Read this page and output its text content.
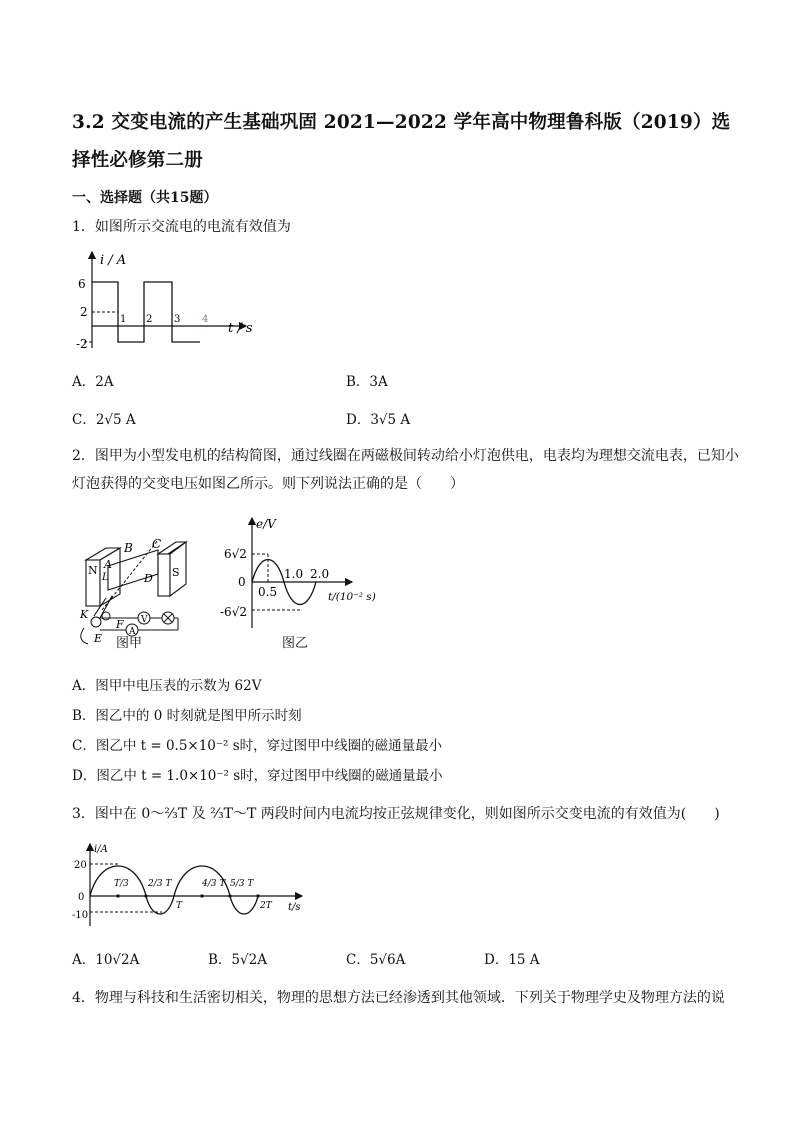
3.2 交变电流的产生基础巩固 2021—2022 学年高中物理鲁科版（2019）选择性必修第二册
一、选择题（共15题）
1．如图所示交流电的电流有效值为
i / A
t / s
6
2
-2
1 2 3 4
A．2A	B．3A
C．2√5 A	D．3√5 A
2．图甲为小型发电机的结构简图，通过线圈在两磁极间转动给小灯泡供电，电表均为理想交流电表，已知小灯泡获得的交变电压如图乙所示。则下列说法正确的是（　　）
V
A
B C
A
N
L	D S
K
F
E 图甲
e/V
t/(10⁻² s)
6√2
0
-6√2
0.5
1.0 2.0
图乙
A．图甲中电压表的示数为 62V
B．图乙中的 0 时刻就是图甲所示时刻
C．图乙中 t = 0.5×10⁻² s时，穿过图甲中线圈的磁通量最小
D．图乙中 t = 1.0×10⁻² s时，穿过图甲中线圈的磁通量最小
3．图中在 0～⅔T 及 ⅔T～T 两段时间内电流均按正弦规律变化，则如图所示交变电流的有效值为(　　)
i/A
t/s
20
0
-10
T/3 2/3 T
T
4/3 T 5/3 T
2T
A．10√2A	B．5√2A	C．5√6A	D．15 A
4．物理与科技和生活密切相关，物理的思想方法已经渗透到其他领域．下列关于物理学史及物理方法的说
